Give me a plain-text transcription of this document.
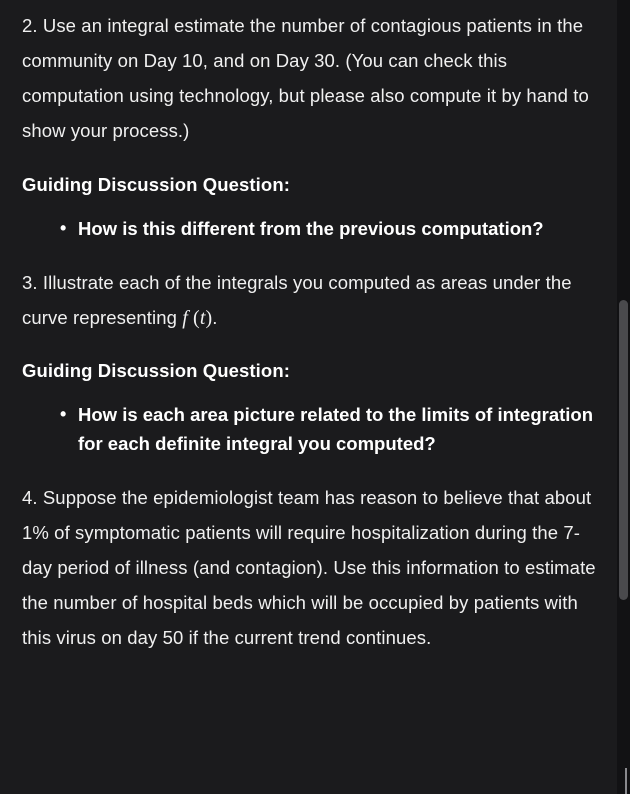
2. Use an integral estimate the number of contagious patients in the community on Day 10, and on Day 30. (You can check this computation using technology, but please also compute it by hand to show your process.)

Guiding Discussion Question:
• How is this different from the previous computation?

3. Illustrate each of the integrals you computed as areas under the curve representing f (t).

Guiding Discussion Question:
• How is each area picture related to the limits of integration for each definite integral you computed?

4. Suppose the epidemiologist team has reason to believe that about 1% of symptomatic patients will require hospitalization during the 7-day period of illness (and contagion). Use this information to estimate the number of hospital beds which will be occupied by patients with this virus on day 50 if the current trend continues.
